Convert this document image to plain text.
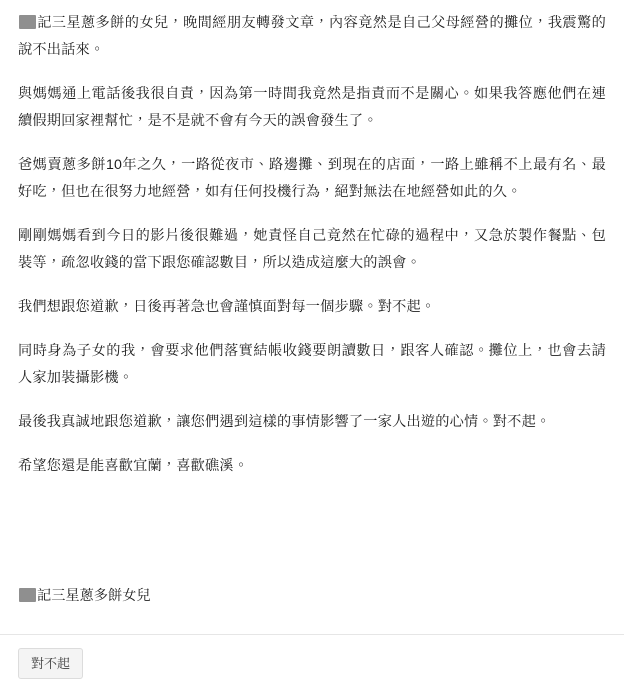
記三星蔥多餅的女兒，晚間經朋友轉發文章，內容竟然是自己父母經營的攤位，我震驚的說不出話來。

與媽媽通上電話後我很自責，因為第一時間我竟然是指責而不是關心。如果我答應他們在連續假期回家裡幫忙，是不是就不會有今天的誤會發生了。

爸媽賣蔥多餅10年之久，一路從夜市、路邊攤、到現在的店面，一路上雖稱不上最有名、最好吃，但也在很努力地經營，如有任何投機行為，絕對無法在地經營如此的久。

剛剛媽媽看到今日的影片後很難過，她責怪自己竟然在忙碌的過程中，又急於製作餐點、包裝等，疏忽收錢的當下跟您確認數目，所以造成這麼大的誤會。

我們想跟您道歉，日後再著急也會謹慎面對每一個步驟。對不起。

同時身為子女的我，會要求他們落實結帳收錢要朗讀數日，跟客人確認。攤位上，也會去請人家加裝攝影機。

最後我真誠地跟您道歉，讓您們遇到這樣的事情影響了一家人出遊的心情。對不起。

希望您還是能喜歡宜蘭，喜歡礁溪。

記三星蔥多餅女兒

對不起
